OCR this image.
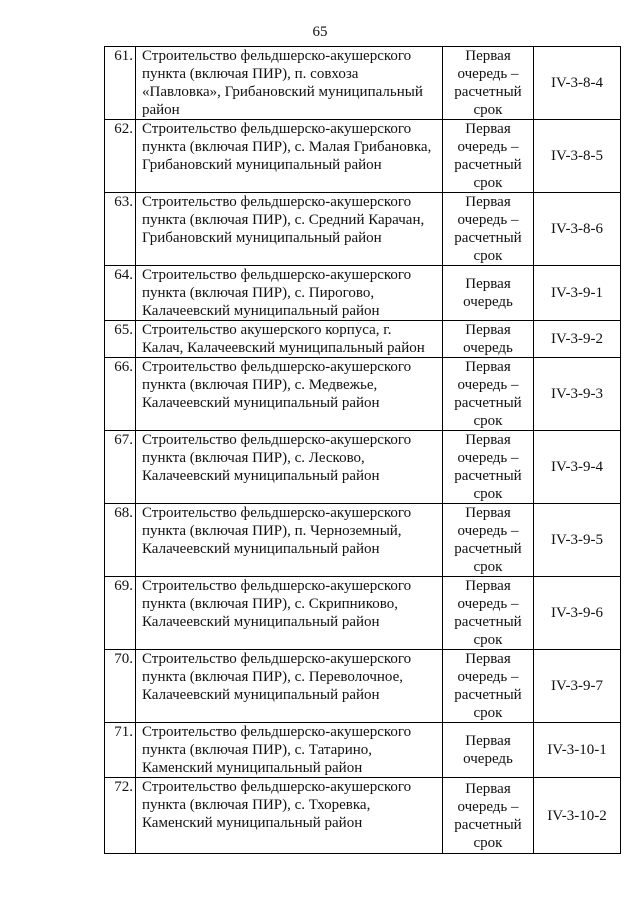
65
61.	Строительство фельдшерско-акушерского
пункта (включая ПИР), п. совхоза
«Павловка», Грибановский муниципальный
район	Первая
очередь –
расчетный
срок	IV-3-8-4

62.	Строительство фельдшерско-акушерского
пункта (включая ПИР), с. Малая Грибановка,
Грибановский муниципальный район	Первая
очередь –
расчетный
срок	IV-3-8-5

63.	Строительство фельдшерско-акушерского
пункта (включая ПИР), с. Средний Карачан,
Грибановский муниципальный район	Первая
очередь –
расчетный
срок	IV-3-8-6

64.	Строительство фельдшерско-акушерского
пункта (включая ПИР), с. Пирогово,
Калачеевский муниципальный район	Первая
очередь	IV-3-9-1

65.	Строительство акушерского корпуса, г.
Калач, Калачеевский муниципальный район	Первая
очередь	IV-3-9-2

66.	Строительство фельдшерско-акушерского
пункта (включая ПИР), с. Медвежье,
Калачеевский муниципальный район	Первая
очередь –
расчетный
срок	IV-3-9-3

67.	Строительство фельдшерско-акушерского
пункта (включая ПИР), с. Лесково,
Калачеевский муниципальный район	Первая
очередь –
расчетный
срок	IV-3-9-4

68.	Строительство фельдшерско-акушерского
пункта (включая ПИР), п. Черноземный,
Калачеевский муниципальный район	Первая
очередь –
расчетный
срок	IV-3-9-5

69.	Строительство фельдшерско-акушерского
пункта (включая ПИР), с. Скрипниково,
Калачеевский муниципальный район	Первая
очередь –
расчетный
срок	IV-3-9-6

70.	Строительство фельдшерско-акушерского
пункта (включая ПИР), с. Переволочное,
Калачеевский муниципальный район	Первая
очередь –
расчетный
срок	IV-3-9-7

71.	Строительство фельдшерско-акушерского
пункта (включая ПИР), с. Татарино,
Каменский муниципальный район	Первая
очередь	IV-3-10-1

72.	Строительство фельдшерско-акушерского
пункта (включая ПИР), с. Тхоревка,
Каменский муниципальный район	Первая
очередь –
расчетный
срок	IV-3-10-2
